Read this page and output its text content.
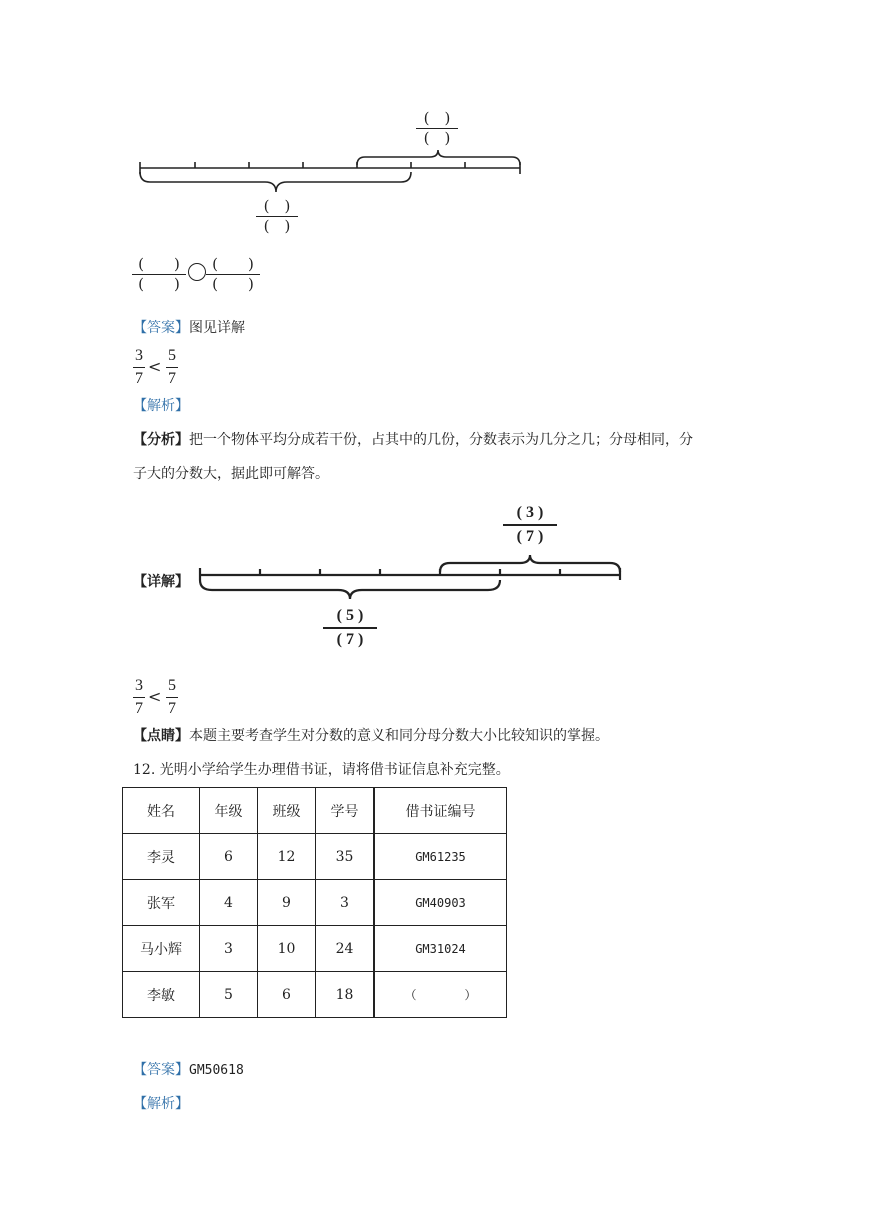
(　)
(　)
(　)
(　)
(　　)
(　　)
(　　)
(　　)
【答案】图见详解
3
7
<
5
7
【解析】
【分析】把一个物体平均分成若干份，占其中的几份，分数表示为几分之几；分母相同，分
子大的分数大，据此即可解答。
【详解】
( 3 )
( 7 )
( 5 )
( 7 )
3
7
<
5
7
【点睛】本题主要考查学生对分数的意义和同分母分数大小比较知识的掌握。
12. 光明小学给学生办理借书证，请将借书证信息补充完整。
姓名	年级	班级	学号	借书证编号
李灵	6	12	35	GM61235
张军	4	9	3	GM40903
马小辉	3	10	24	GM31024
李敏	5	6	18	（　　　　）
【答案】GM50618
【解析】
